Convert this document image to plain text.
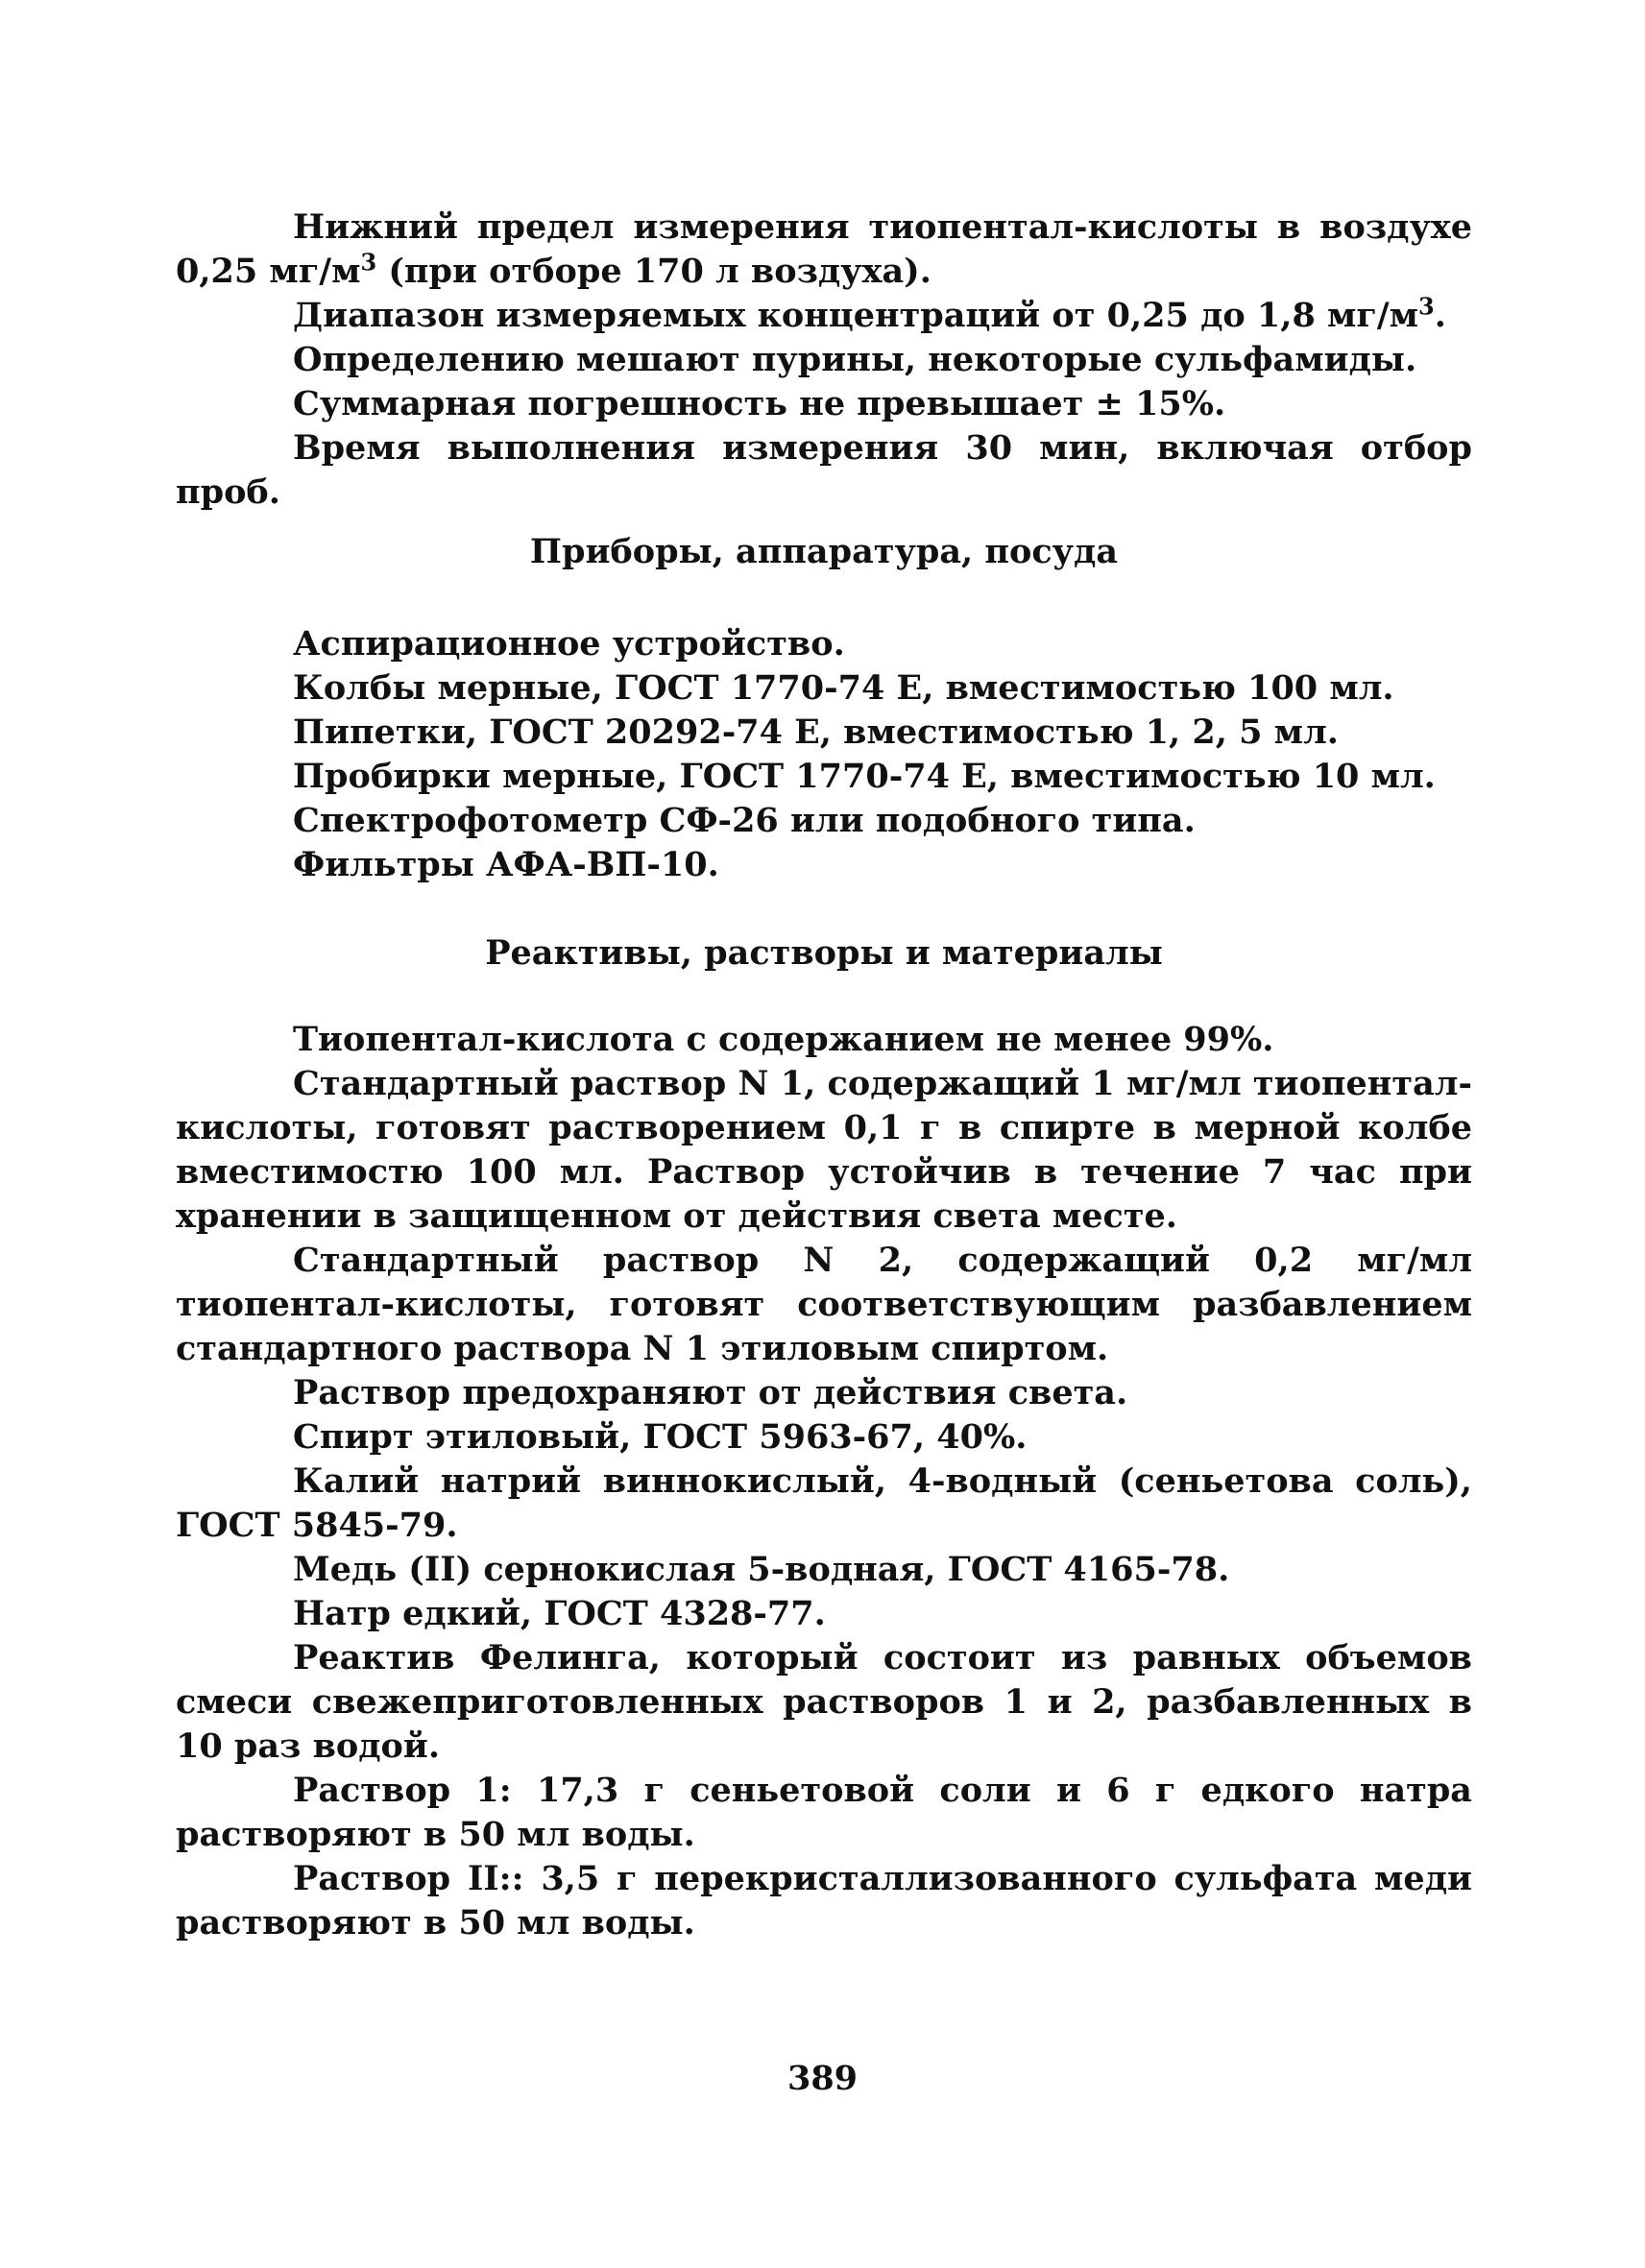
Нижний предел измерения тиопентал-кислоты в воздухе 0,25 $мг/м^3$ (при отборе 170 л воздуха).

Диапазон измеряемых концентраций от 0,25 до 1,8 $мг/м^3$.

Определению мешают пурины, некоторые сульфамиды.

Суммарная погрешность не превышает ± 15%.

Время выполнения измерения 30 мин, включая отбор проб.

Приборы, аппаратура, посуда

Аспирационное устройство.

Колбы мерные, ГОСТ 1770-74 Е, вместимостью 100 мл.

Пипетки, ГОСТ 20292-74 Е, вместимостью 1, 2, 5 мл.

Пробирки мерные, ГОСТ 1770-74 Е, вместимостью 10 мл.

Спектрофотометр СФ-26 или подобного типа.

Фильтры АФА-ВП-10.

Реактивы, растворы и материалы

Тиопентал-кислота с содержанием не менее 99%.

Стандартный раствор N 1, содержащий 1 мг/мл тиопентал-кислоты, готовят растворением 0,1 г в спирте в мерной колбе вместимостю 100 мл. Раствор устойчив в течение 7 час при хранении в защищенном от действия света месте.

Стандартный раствор N 2, содержащий 0,2 мг/мл тиопентал-кислоты, готовят соответствующим разбавлением стандартного раствора N 1 этиловым спиртом.

Раствор предохраняют от действия света.

Спирт этиловый, ГОСТ 5963-67, 40%.

Калий натрий виннокислый, 4-водный (сеньетова соль), ГОСТ 5845-79.

Медь (II) сернокислая 5-водная, ГОСТ 4165-78.

Натр едкий, ГОСТ 4328-77.

Реактив Фелинга, который состоит из равных объемов смеси свежеприготовленных растворов 1 и 2, разбавленных в 10 раз водой.

Раствор 1: 17,3 г сеньетовой соли и 6 г едкого натра растворяют в 50 мл воды.

Раствор II:: 3,5 г перекристаллизованного сульфата меди растворяют в 50 мл воды.

389
